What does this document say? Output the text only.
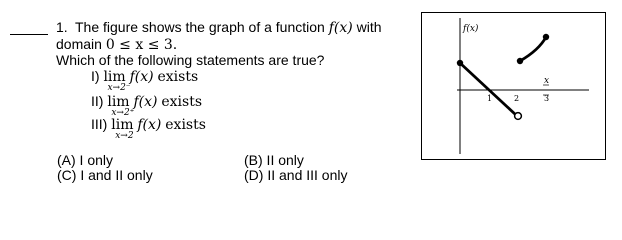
1. The figure shows the graph of a function f(x) with
domain 0 ≤ x ≤ 3.
Which of the following statements are true?
I) lim
x→2⁻
f(x) exists
II) lim
x→2⁺
f(x) exists
III) lim
x→2
f(x) exists
(A) I only	(B) II only
(C) I and II only	(D) II and III only
f(x)
x
1	2	3
